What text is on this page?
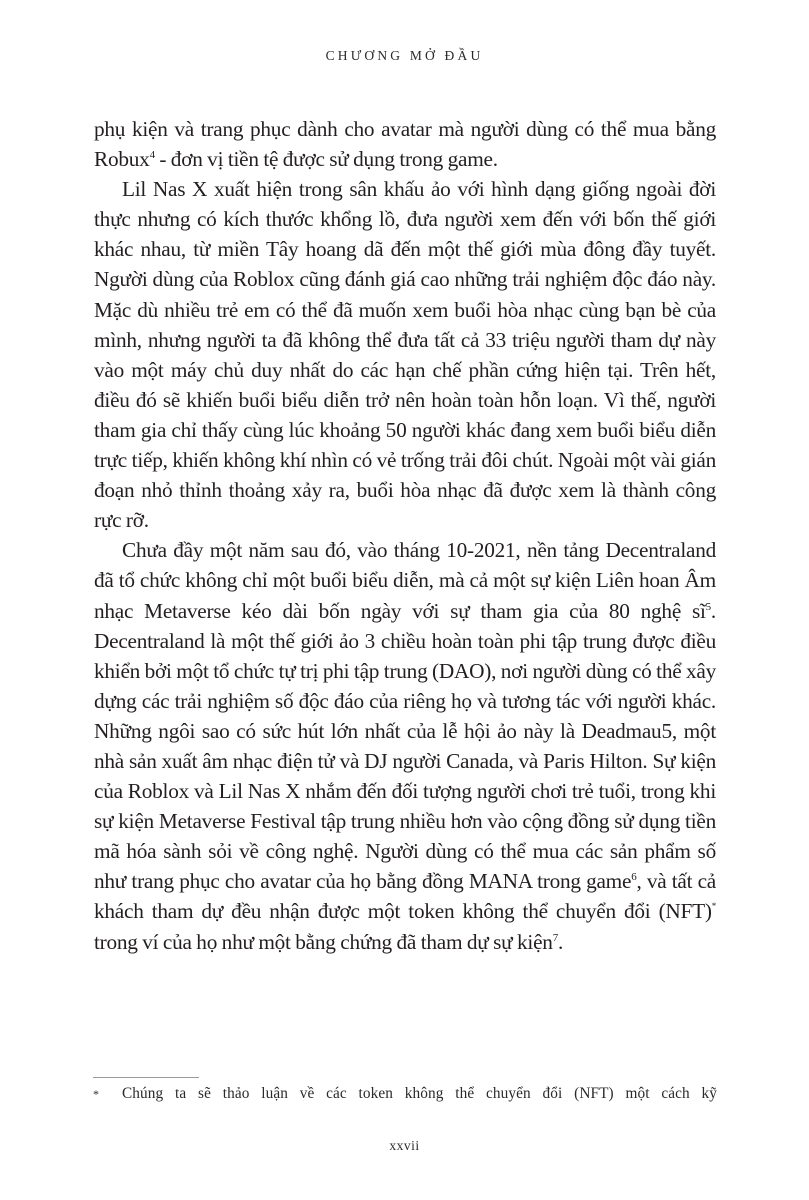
CHƯƠNG MỞ ĐẦU

phụ kiện và trang phục dành cho avatar mà người dùng có thể mua bằng Robux$^4$ - đơn vị tiền tệ được sử dụng trong game.

Lil Nas X xuất hiện trong sân khấu ảo với hình dạng giống ngoài đời thực nhưng có kích thước khổng lồ, đưa người xem đến với bốn thế giới khác nhau, từ miền Tây hoang dã đến một thế giới mùa đông đầy tuyết. Người dùng của Roblox cũng đánh giá cao những trải nghiệm độc đáo này. Mặc dù nhiều trẻ em có thể đã muốn xem buổi hòa nhạc cùng bạn bè của mình, nhưng người ta đã không thể đưa tất cả 33 triệu người tham dự này vào một máy chủ duy nhất do các hạn chế phần cứng hiện tại. Trên hết, điều đó sẽ khiến buổi biểu diễn trở nên hoàn toàn hỗn loạn. Vì thế, người tham gia chỉ thấy cùng lúc khoảng 50 người khác đang xem buổi biểu diễn trực tiếp, khiến không khí nhìn có vẻ trống trải đôi chút. Ngoài một vài gián đoạn nhỏ thỉnh thoảng xảy ra, buổi hòa nhạc đã được xem là thành công rực rỡ.

Chưa đầy một năm sau đó, vào tháng 10-2021, nền tảng Decentraland đã tổ chức không chỉ một buổi biểu diễn, mà cả một sự kiện Liên hoan Âm nhạc Metaverse kéo dài bốn ngày với sự tham gia của 80 nghệ $sĩ^5$. Decentraland là một thế giới ảo 3 chiều hoàn toàn phi tập trung được điều khiển bởi một tổ chức tự trị phi tập trung (DAO), nơi người dùng có thể xây dựng các trải nghiệm số độc đáo của riêng họ và tương tác với người khác. Những ngôi sao có sức hút lớn nhất của lễ hội ảo này là Deadmau5, một nhà sản xuất âm nhạc điện tử và DJ người Canada, và Paris Hilton. Sự kiện của Roblox và Lil Nas X nhắm đến đối tượng người chơi trẻ tuổi, trong khi sự kiện Metaverse Festival tập trung nhiều hơn vào cộng đồng sử dụng tiền mã hóa sành sỏi về công nghệ. Người dùng có thể mua các sản phẩm số như trang phục cho avatar của họ bằng đồng MANA trong game$^6$, và tất cả khách tham dự đều nhận được một token không thể chuyển đổi (NFT)* trong ví của họ như một bằng chứng đã tham dự sự kiện$^7$.

*	Chúng ta sẽ thảo luận về các token không thể chuyển đổi (NFT) một cách kỹ
xxvii
